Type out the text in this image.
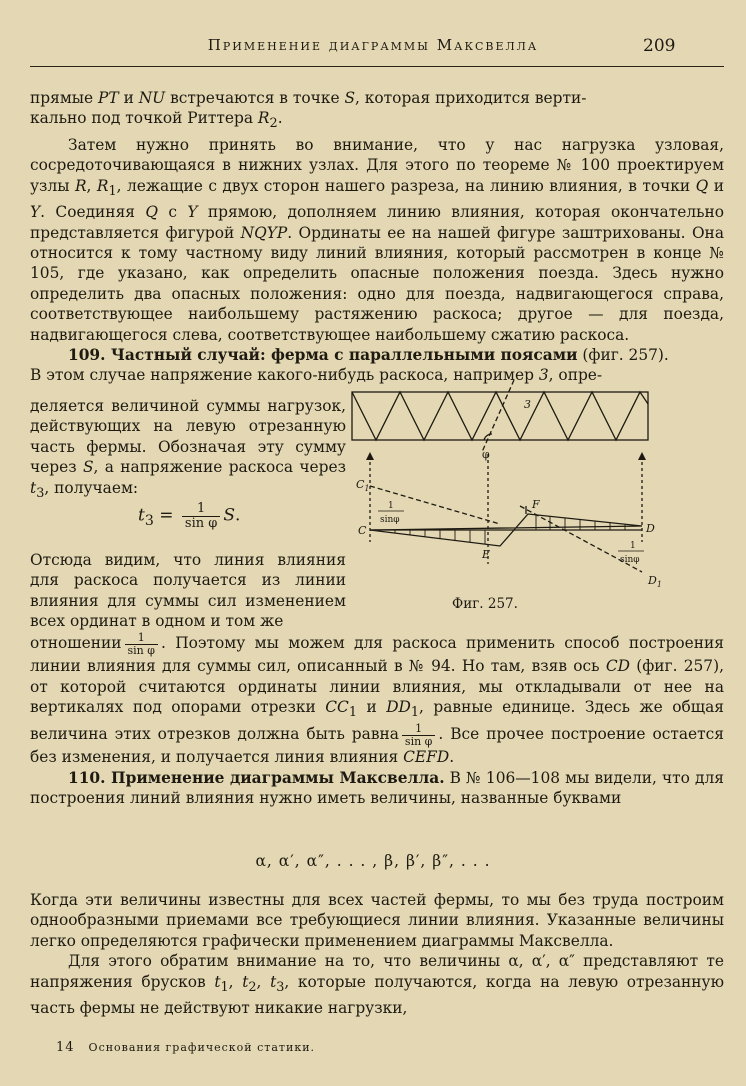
Применение диаграммы Максвелла	209

прямые PT и NU встречаются в точке S, которая приходится верти-
кально под точкой Риттера $R_2$.

Затем нужно принять во внимание, что у нас нагрузка узловая, сосредоточивающаяся в нижних узлах. Для этого по теореме № 100 проектируем узлы R, $R_1$, лежащие с двух сторон нашего разреза, на линию влияния, в точки Q и Y. Соединяя Q с Y прямою, дополняем линию влияния, которая окончательно представляется фигурой NQYP. Ординаты ее на нашей фигуре заштрихованы. Она относится к тому частному виду линий влияния, который рассмотрен в конце № 105, где указано, как определить опасные положения поезда. Здесь нужно определить два опасных положения: одно для поезда, надвигающегося справа, соответствующее наибольшему растяжению раскоса; другое — для поезда, надвигающегося слева, соответствующее наибольшему сжатию раскоса.

109. Частный случай: ферма с параллельными поясами (фиг. 257).

В этом случае напряжение какого-нибудь раскоса, например 3, опре-

деляется величиной суммы нагрузок, действующих на левую отрезанную часть фермы. Обозначая эту сумму через S, а напряжение раскоса через $t_3$, получаем:

$t_3 = \frac{1}{\text{sin φ}} S$.

Отсюда видим, что линия влияния для раскоса получается из линии влияния для суммы сил изменением всех ординат в одном и том же

3
φ
$C_1$
F
C	D
E
$D_1$
1
sinφ
1
sinφ
Фиг. 257.

отношении $\frac{1}{\text{sin φ}}$ . Поэтому мы можем для раскоса применить способ построения линии влияния для суммы сил, описанный в № 94. Но там, взяв ось CD (фиг. 257), от которой считаются ординаты линии влияния, мы откладывали от нее на вертикалях под опорами отрезки $CC_1$ и $DD_1$, равные единице. Здесь же общая величина этих отрезков должна быть равна $\frac{1}{\text{sin φ}}$ . Все прочее построение остается без изменения, и получается линия влияния CEFD.

110. Применение диаграммы Максвелла. В № 106—108 мы видели, что для построения линий влияния нужно иметь величины, названные буквами

α, α′, α″, . . . , β, β′, β″, . . .

Когда эти величины известны для всех частей фермы, то мы без труда построим однообразными приемами все требующиеся линии влияния. Указанные величины легко определяются графически применением диаграммы Максвелла.

Для этого обратим внимание на то, что величины α, α′, α″ представляют те напряжения брусков $t_1$, $t_2$, $t_3$, которые получаются, когда на левую отрезанную часть фермы не действуют никакие нагрузки,

14 Основания графической статики.
